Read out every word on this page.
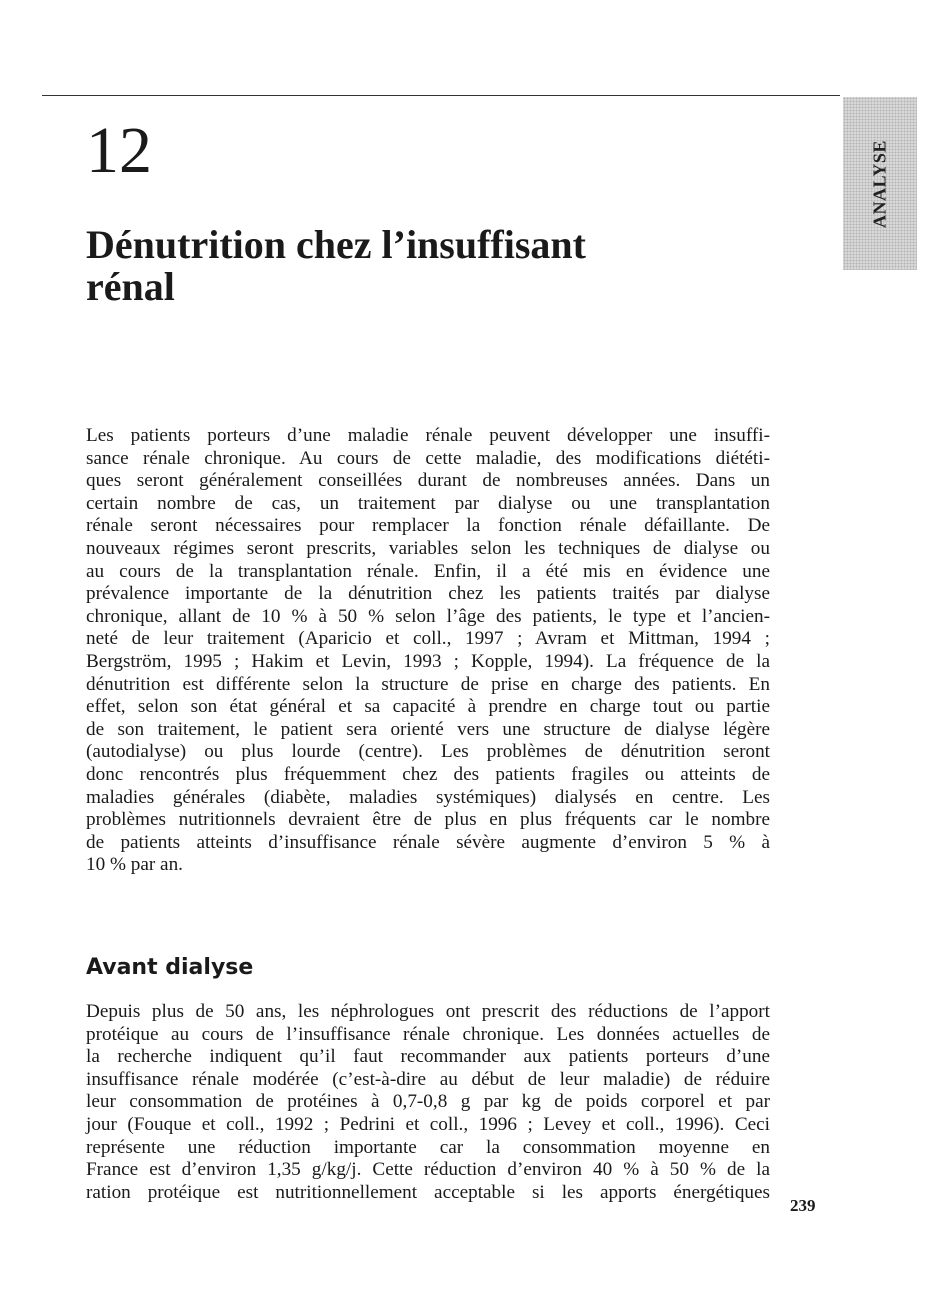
ANALYSE
12
Dénutrition chez l’insuffisant
rénal
Les patients porteurs d’une maladie rénale peuvent développer une insuffi-
sance rénale chronique. Au cours de cette maladie, des modifications diététi-
ques seront généralement conseillées durant de nombreuses années. Dans un
certain nombre de cas, un traitement par dialyse ou une transplantation
rénale seront nécessaires pour remplacer la fonction rénale défaillante. De
nouveaux régimes seront prescrits, variables selon les techniques de dialyse ou
au cours de la transplantation rénale. Enfin, il a été mis en évidence une
prévalence importante de la dénutrition chez les patients traités par dialyse
chronique, allant de 10 % à 50 % selon l’âge des patients, le type et l’ancien-
neté de leur traitement (Aparicio et coll., 1997 ; Avram et Mittman, 1994 ;
Bergström, 1995 ; Hakim et Levin, 1993 ; Kopple, 1994). La fréquence de la
dénutrition est différente selon la structure de prise en charge des patients. En
effet, selon son état général et sa capacité à prendre en charge tout ou partie
de son traitement, le patient sera orienté vers une structure de dialyse légère
(autodialyse) ou plus lourde (centre). Les problèmes de dénutrition seront
donc rencontrés plus fréquemment chez des patients fragiles ou atteints de
maladies générales (diabète, maladies systémiques) dialysés en centre. Les
problèmes nutritionnels devraient être de plus en plus fréquents car le nombre
de patients atteints d’insuffisance rénale sévère augmente d’environ 5 % à
10 % par an.
Avant dialyse
Depuis plus de 50 ans, les néphrologues ont prescrit des réductions de l’apport
protéique au cours de l’insuffisance rénale chronique. Les données actuelles de
la recherche indiquent qu’il faut recommander aux patients porteurs d’une
insuffisance rénale modérée (c’est-à-dire au début de leur maladie) de réduire
leur consommation de protéines à 0,7-0,8 g par kg de poids corporel et par
jour (Fouque et coll., 1992 ; Pedrini et coll., 1996 ; Levey et coll., 1996). Ceci
représente une réduction importante car la consommation moyenne en
France est d’environ 1,35 g/kg/j. Cette réduction d’environ 40 % à 50 % de la
ration protéique est nutritionnellement acceptable si les apports énergétiques
239
